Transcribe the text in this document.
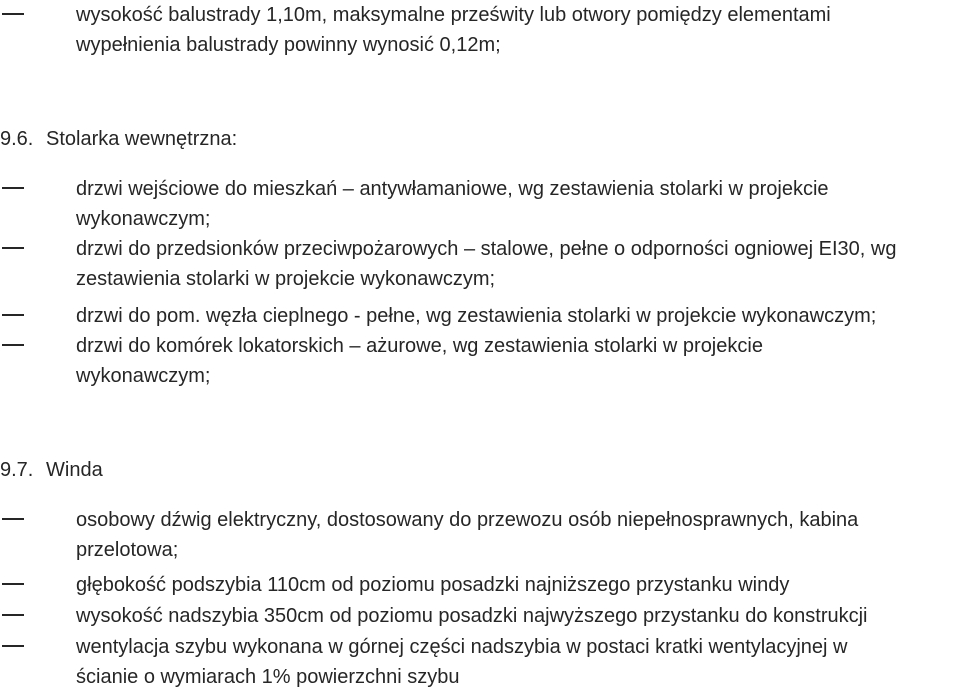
wysokość balustrady 1,10m, maksymalne prześwity lub otwory pomiędzy elementami
wypełnienia balustrady powinny wynosić 0,12m;
9.6. Stolarka wewnętrzna:
drzwi wejściowe do mieszkań – antywłamaniowe, wg zestawienia stolarki w projekcie
wykonawczym;
drzwi do przedsionków przeciwpożarowych – stalowe, pełne o odporności ogniowej EI30, wg
zestawienia stolarki w projekcie wykonawczym;
drzwi do pom. węzła cieplnego - pełne, wg zestawienia stolarki w projekcie wykonawczym;
drzwi do komórek lokatorskich – ażurowe, wg zestawienia stolarki w projekcie
wykonawczym;
9.7. Winda
osobowy dźwig elektryczny, dostosowany do przewozu osób niepełnosprawnych, kabina
przelotowa;
głębokość podszybia 110cm od poziomu posadzki najniższego przystanku windy
wysokość nadszybia 350cm od poziomu posadzki najwyższego przystanku do konstrukcji
wentylacja szybu wykonana w górnej części nadszybia w postaci kratki wentylacyjnej w
ścianie o wymiarach 1% powierzchni szybu
